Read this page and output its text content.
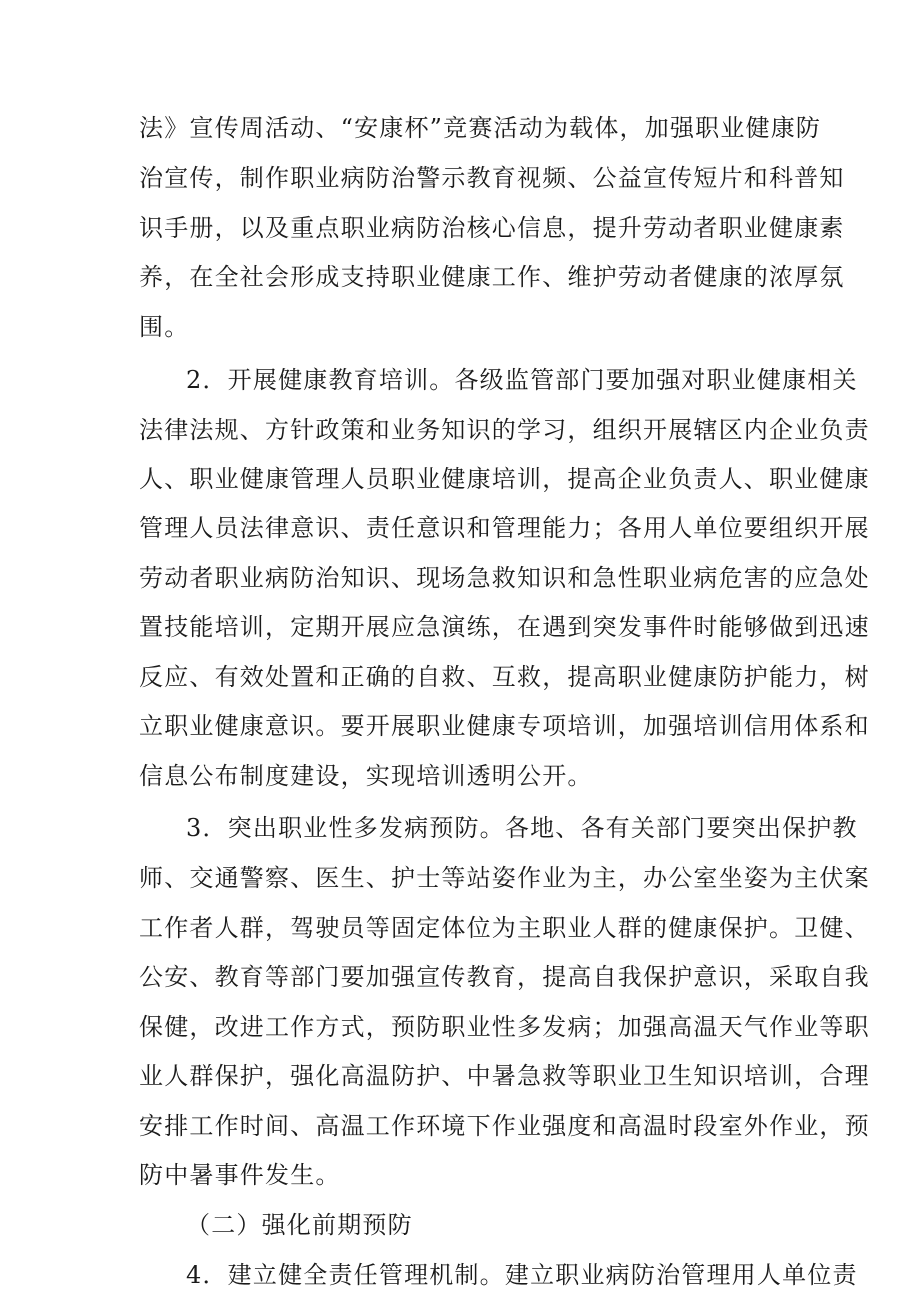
法》宣传周活动、“安康杯”竞赛活动为载体，加强职业健康防
治宣传，制作职业病防治警示教育视频、公益宣传短片和科普知
识手册，以及重点职业病防治核心信息，提升劳动者职业健康素
养，在全社会形成支持职业健康工作、维护劳动者健康的浓厚氛
围。
2．开展健康教育培训。各级监管部门要加强对职业健康相关
法律法规、方针政策和业务知识的学习，组织开展辖区内企业负责
人、职业健康管理人员职业健康培训，提高企业负责人、职业健康
管理人员法律意识、责任意识和管理能力；各用人单位要组织开展
劳动者职业病防治知识、现场急救知识和急性职业病危害的应急处
置技能培训，定期开展应急演练，在遇到突发事件时能够做到迅速
反应、有效处置和正确的自救、互救，提高职业健康防护能力，树
立职业健康意识。要开展职业健康专项培训，加强培训信用体系和
信息公布制度建设，实现培训透明公开。
3．突出职业性多发病预防。各地、各有关部门要突出保护教
师、交通警察、医生、护士等站姿作业为主，办公室坐姿为主伏案
工作者人群，驾驶员等固定体位为主职业人群的健康保护。卫健、
公安、教育等部门要加强宣传教育，提高自我保护意识，采取自我
保健，改进工作方式，预防职业性多发病；加强高温天气作业等职
业人群保护，强化高温防护、中暑急救等职业卫生知识培训，合理
安排工作时间、高温工作环境下作业强度和高温时段室外作业，预
防中暑事件发生。
（二）强化前期预防
4．建立健全责任管理机制。建立职业病防治管理用人单位责
